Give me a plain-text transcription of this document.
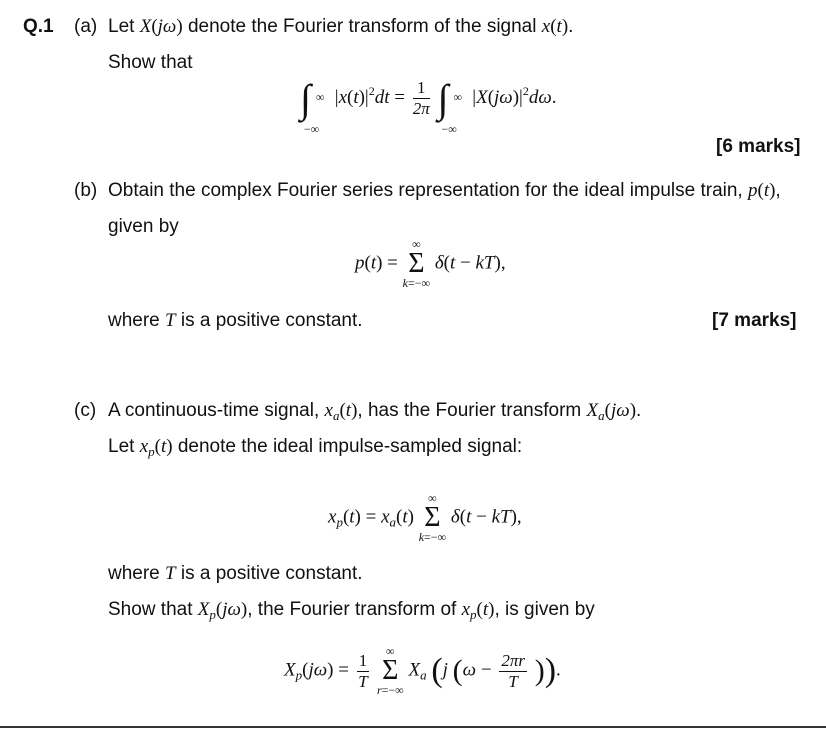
Q.1 (a) Let X(jω) denote the Fourier transform of the signal x(t).
Show that
∫ ∞
−∞
$|x(t)|^2dt = \frac{1}{2\pi}$ ∫ ∞
−∞
$|X(j\omega)|^2d\omega$.
[6 marks]
(b) Obtain the complex Fourier series representation for the ideal impulse train, p(t),
given by
p(t) =
∞
Σ
k=−∞
δ(t − kT),
where T is a positive constant.	[7 marks]
(c) A continuous-time signal, $x_a(t)$, has the Fourier transform $X_a(j\omega)$.
Let $x_p(t)$ denote the ideal impulse-sampled signal:
$x_p(t) = x_a(t)$
∞
Σ
k=−∞
δ(t − kT),
where T is a positive constant.
Show that $X_p(j\omega)$, the Fourier transform of $x_p(t)$, is given by
$X_p(j\omega) = \frac{1}{T}$
	∞
Σ
r=−∞
$X_a$ (j ($\omega - \frac{2\pi r}{T}$ )).
